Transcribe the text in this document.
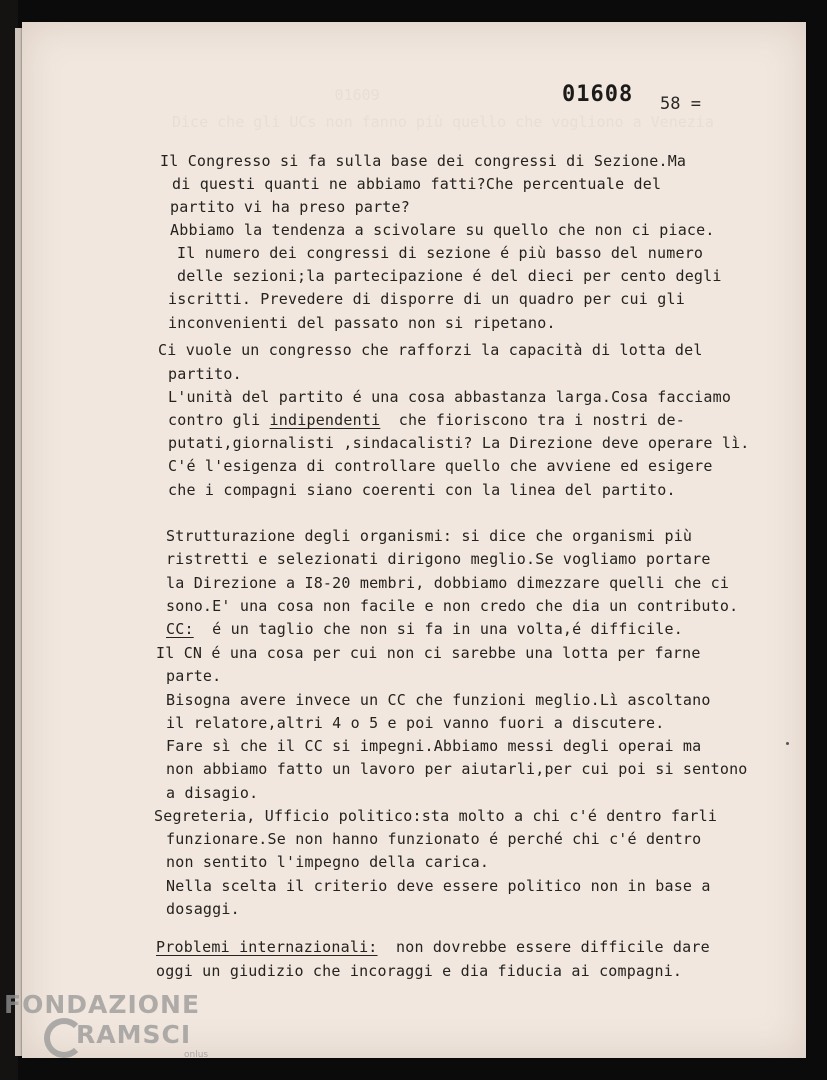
01609
Dice che gli UCs non fanno più quello che vogliono a Venezia

01608 58 =

Il Congresso si fa sulla base dei congressi di Sezione.Ma

di questi quanti ne abbiamo fatti?Che percentuale del

partito vi ha preso parte?

Abbiamo la tendenza a scivolare su quello che non ci piace.

Il numero dei congressi di sezione é più basso del numero

delle sezioni;la partecipazione é del dieci per cento degli

iscritti. Prevedere di disporre di un quadro per cui gli

inconvenienti del passato non si ripetano.

Ci vuole un congresso che rafforzi la capacità di lotta del

partito.

L'unità del partito é una cosa abbastanza larga.Cosa facciamo

contro gli indipendenti  che fioriscono tra i nostri de-

putati,giornalisti ,sindacalisti? La Direzione deve operare lì.

C'é l'esigenza di controllare quello che avviene ed esigere

che i compagni siano coerenti con la linea del partito.

Strutturazione degli organismi: si dice che organismi più

ristretti e selezionati dirigono meglio.Se vogliamo portare

la Direzione a I8-20 membri, dobbiamo dimezzare quelli che ci

sono.E' una cosa non facile e non credo che dia un contributo.

CC:  é un taglio che non si fa in una volta,é difficile.

Il CN é una cosa per cui non ci sarebbe una lotta per farne

parte.

Bisogna avere invece un CC che funzioni meglio.Lì ascoltano

il relatore,altri 4 o 5 e poi vanno fuori a discutere.

Fare sì che il CC si impegni.Abbiamo messi degli operai ma

non abbiamo fatto un lavoro per aiutarli,per cui poi si sentono

a disagio.

Segreteria, Ufficio politico:sta molto a chi c'é dentro farli

funzionare.Se non hanno funzionato é perché chi c'é dentro

non sentito l'impegno della carica.

Nella scelta il criterio deve essere politico non in base a

dosaggi.

Problemi internazionali:  non dovrebbe essere difficile dare

oggi un giudizio che incoraggi e dia fiducia ai compagni.

FONDAZIONE
RAMSCI
onlus
